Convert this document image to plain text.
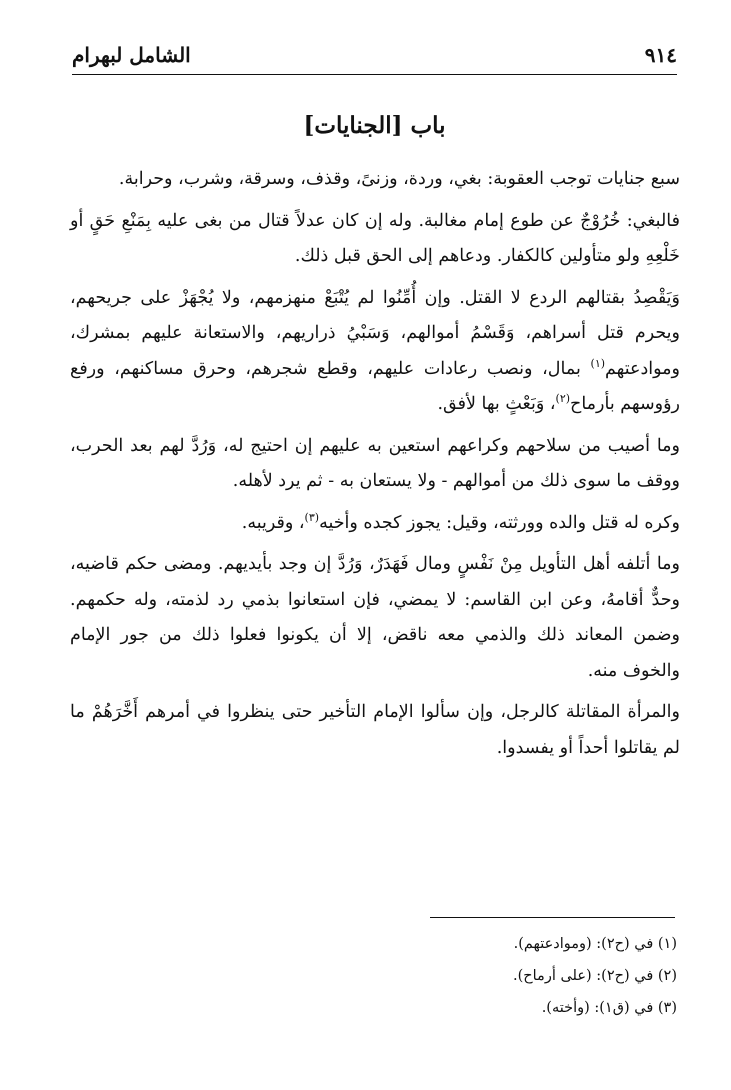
٩١٤
الشامل لبهرام
باب [الجنايات]

سبع جنايات توجب العقوبة: بغي، وردة، وزنىً، وقذف، وسرقة، وشرب، وحرابة.

فالبغي: خُرُوْجٌ عن طوع إمام مغالبة. وله إن كان عدلاً قتال من بغى عليه بِمَنْعِ حَقٍ أو خَلْعِهِ ولو متأولين كالكفار. ودعاهم إلى الحق قبل ذلك.

وَيَقْصِدُ بقتالهم الردع لا القتل. وإن أُمِّنُوا لم يُتْبَعْ منهزمهم، ولا يُجْهَزْ على جريحهم، ويحرم قتل أسراهم، وَقَسْمُ أموالهم، وَسَبْيُ ذراريهم، والاستعانة عليهم بمشرك، وموادعتهم$^{(١)}$ بمال، ونصب رعادات عليهم، وقطع شجرهم، وحرق مساكنهم، ورفع رؤوسهم بأرماح$^{(٢)}$، وَبَعْثٍ بها لأفق.

وما أصيب من سلاحهم وكراعهم استعين به عليهم إن احتيج له، وَرُدَّ لهم بعد الحرب، ووقف ما سوى ذلك من أموالهم - ولا يستعان به - ثم يرد لأهله.

وكره له قتل والده وورثته، وقيل: يجوز كجده وأخيه$^{(٣)}$، وقريبه.

وما أتلفه أهل التأويل مِنْ نَفْسٍ ومال فَهَدَرٌ، وَرُدَّ إن وجد بأيديهم. ومضى حكم قاضيه، وحدٌّ أقامهُ، وعن ابن القاسم: لا يمضي، فإن استعانوا بذمي رد لذمته، وله حكمهم. وضمن المعاند ذلك والذمي معه ناقض، إلا أن يكونوا فعلوا ذلك من جور الإمام والخوف منه.

والمرأة المقاتلة كالرجل، وإن سألوا الإمام التأخير حتى ينظروا في أمرهم أَخَّرَهُمْ ما لم يقاتلوا أحداً أو يفسدوا.

(١) في (ح٢): (وموادعتهم).
(٢) في (ح٢): (على أرماح).
(٣) في (ق١): (وأخته).
